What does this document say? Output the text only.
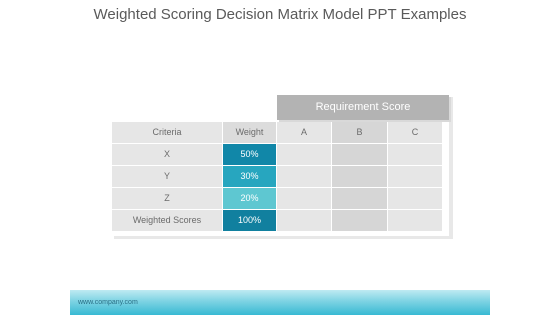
Weighted Scoring Decision Matrix Model PPT Examples
Requirement Score
Criteria	Weight	A	B	C
X	50%
Y	30%
Z	20%
Weighted Scores	100%
www.company.com
